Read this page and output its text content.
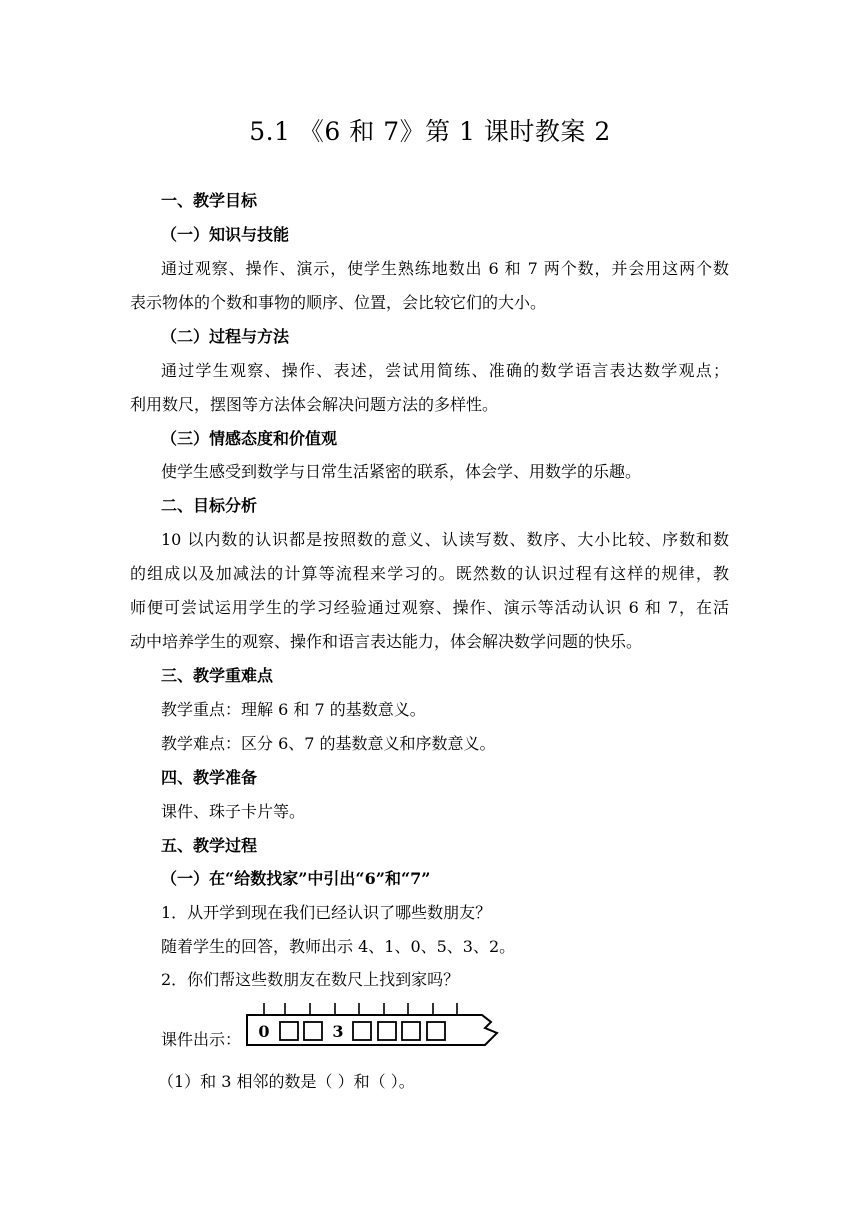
5.1 《6 和 7》第 1 课时教案 2
一、教学目标
（一）知识与技能
通过观察、操作、演示，使学生熟练地数出 6 和 7 两个数，并会用这两个数
表示物体的个数和事物的顺序、位置，会比较它们的大小。
（二）过程与方法
通过学生观察、操作、表述，尝试用简练、准确的数学语言表达数学观点；
利用数尺，摆图等方法体会解决问题方法的多样性。
（三）情感态度和价值观
使学生感受到数学与日常生活紧密的联系，体会学、用数学的乐趣。
二、目标分析
10 以内数的认识都是按照数的意义、认读写数、数序、大小比较、序数和数
的组成以及加减法的计算等流程来学习的。既然数的认识过程有这样的规律，教
师便可尝试运用学生的学习经验通过观察、操作、演示等活动认识 6 和 7，在活
动中培养学生的观察、操作和语言表达能力，体会解决数学问题的快乐。
三、教学重难点
教学重点：理解 6 和 7 的基数意义。
教学难点：区分 6、7 的基数意义和序数意义。
四、教学准备
课件、珠子卡片等。
五、教学过程
（一）在“给数找家”中引出“6”和“7”
1．从开学到现在我们已经认识了哪些数朋友？
随着学生的回答，教师出示 4、1、0、5、3、2。
2．你们帮这些数朋友在数尺上找到家吗？
课件出示： 0	3
（1）和 3 相邻的数是（ ）和（ ）。
